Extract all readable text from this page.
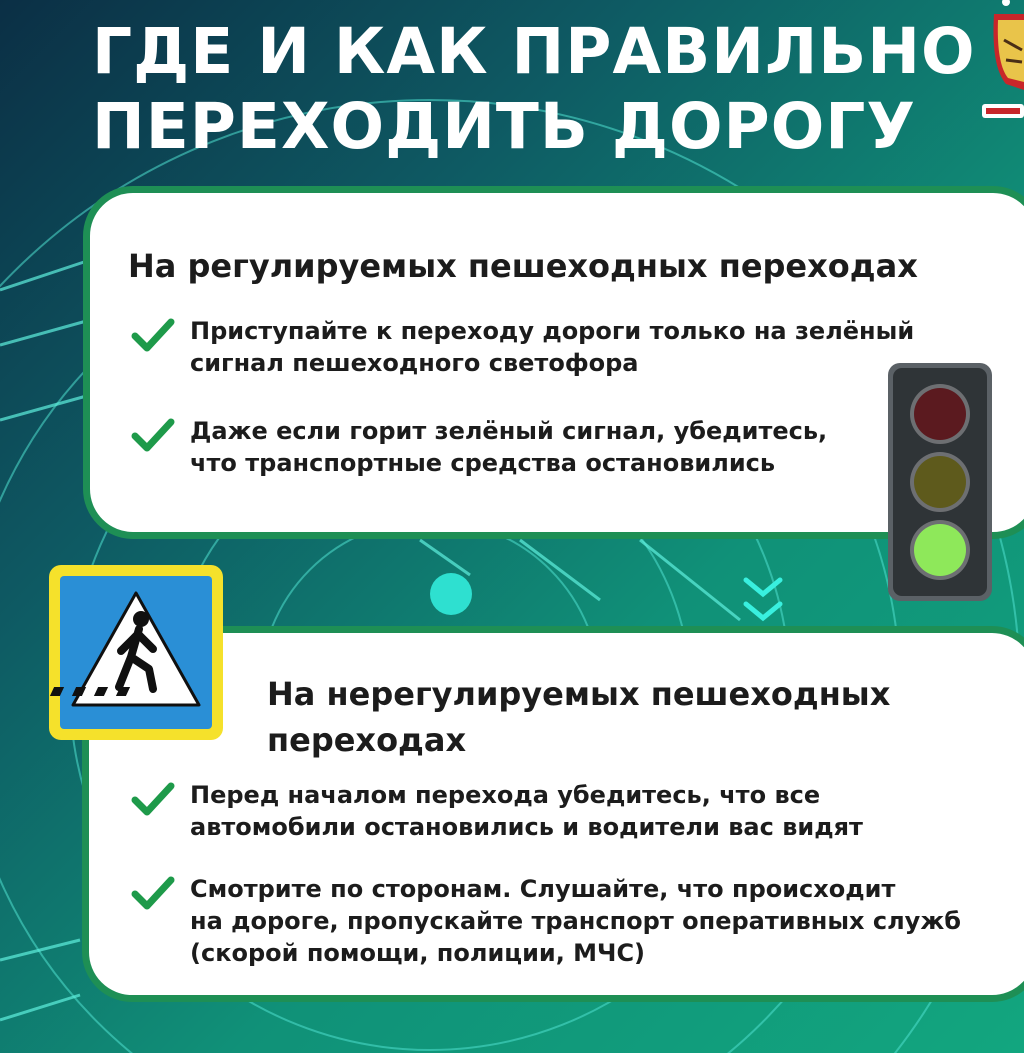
ГДЕ И КАК ПРАВИЛЬНО
ПЕРЕХОДИТЬ ДОРОГУ
На регулируемых пешеходных переходах
Приступайте к переходу дороги только на зелёный
сигнал пешеходного светофора
Даже если горит зелёный сигнал, убедитесь,
что транспортные средства остановились
На нерегулируемых пешеходных
переходах
Перед началом перехода убедитесь, что все
автомобили остановились и водители вас видят
Смотрите по сторонам. Слушайте, что происходит
на дороге, пропускайте транспорт оперативных служб
(скорой помощи, полиции, МЧС)
